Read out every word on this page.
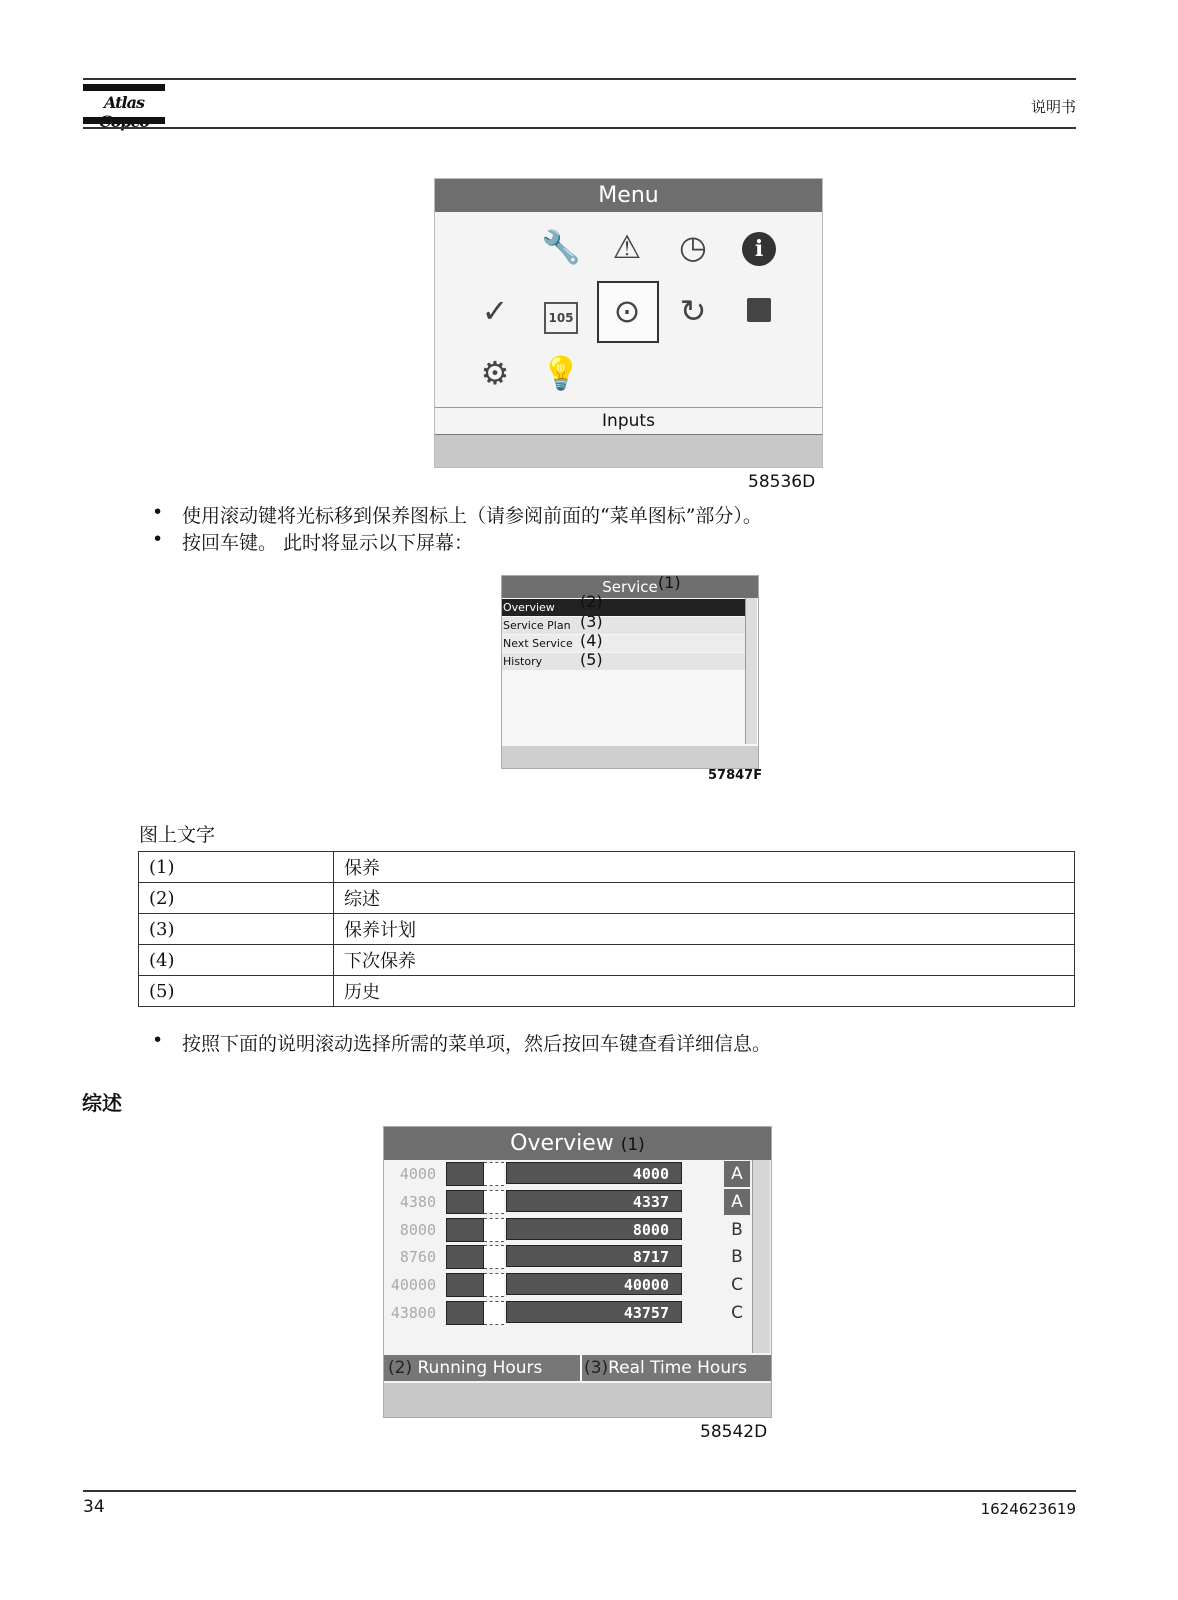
Atlas	说明书
Menu
🔧 ⚠ ◷	i
✓	105 ⊙ ↻
⚙ 💡
Inputs
58536D
• 使用滚动键将光标移到保养图标上（请参阅前面的“菜单图标”部分）。
• 按回车键。 此时将显示以下屏幕：
Service
Overview
Service Plan
Next Service
History
(1)
(2)
(3)
(4)
(5)
57847F
图上文字
(1)	保养
(2)	综述
(3)	保养计划
(4)	下次保养
(5)	历史
• 按照下面的说明滚动选择所需的菜单项，然后按回车键查看详细信息。
综述
Overview (1)
4000	4000	A
4380	4337	A
8000	8000	B
8760	8717	B
40000	40000	C
43800	43757	C
(2) Running Hours (3)Real Time Hours
58542D
34	1624623619
